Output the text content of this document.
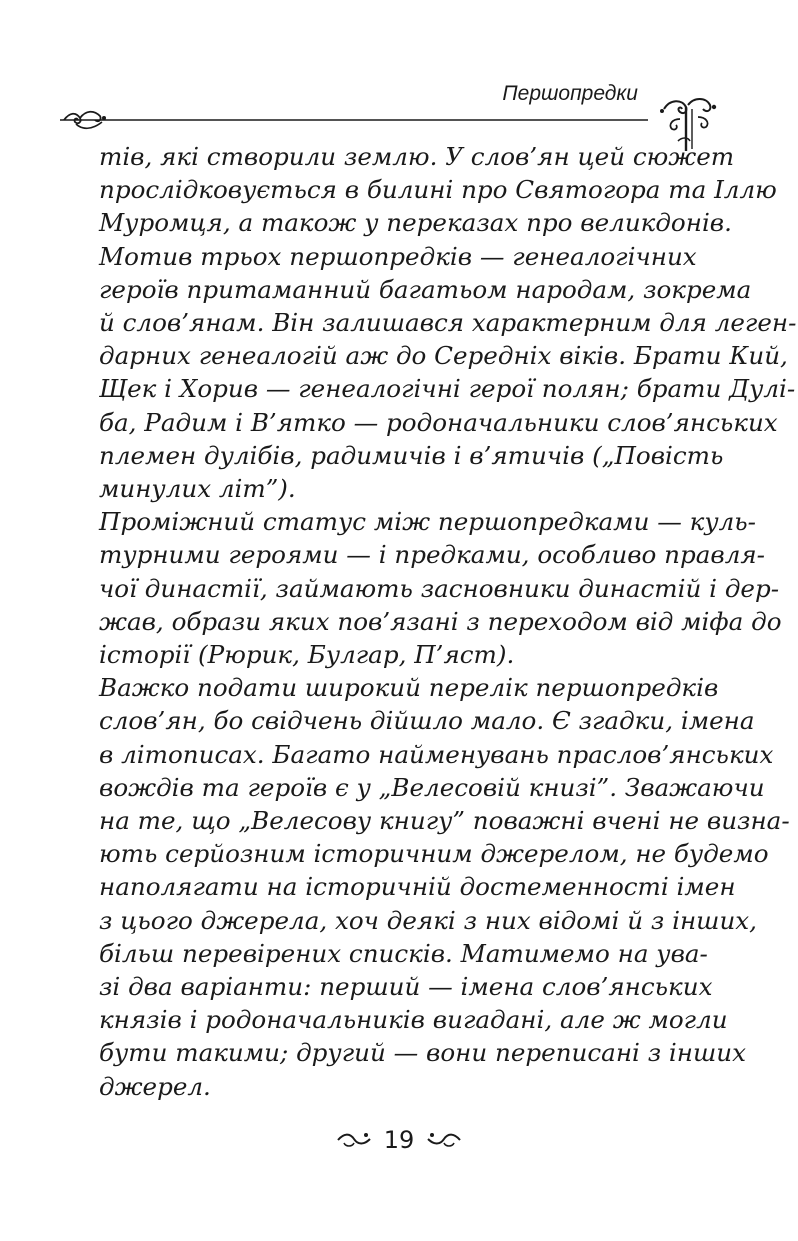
Першопредки
тів, які створили землю. У слов’ян цей сюжет
прослідковується в билині про Святогора та Іллю
Муромця, а також у переказах про великдонів.
Мотив трьох першопредків — генеалогічних
героїв притаманний багатьом народам, зокрема
й слов’янам. Він залишався характерним для леген-
дарних генеалогій аж до Середніх віків. Брати Кий,
Щек і Хорив — генеалогічні герої полян; брати Дулі-
ба, Радим і В’ятко — родоначальники слов’янських
племен дулібів, радимичів і в’ятичів („Повість
минулих літ”).
Проміжний статус між першопредками — куль-
турними героями — і предками, особливо правля-
чої династії, займають засновники династій і дер-
жав, образи яких пов’язані з переходом від міфа до
історії (Рюрик, Булгар, П’яст).
Важко подати широкий перелік першопредків
слов’ян, бо свідчень дійшло мало. Є згадки, імена
в літописах. Багато найменувань праслов’янських
вождів та героїв є у „Велесовій книзі”. Зважаючи
на те, що „Велесову книгу” поважні вчені не визна-
ють серйозним історичним джерелом, не будемо
наполягати на історичній достеменності імен
з цього джерела, хоч деякі з них відомі й з інших,
більш перевірених списків. Матимемо на ува-
зі два варіанти: перший — імена слов’янських
князів і родоначальників вигадані, але ж могли
бути такими; другий — вони переписані з інших
джерел.
19
